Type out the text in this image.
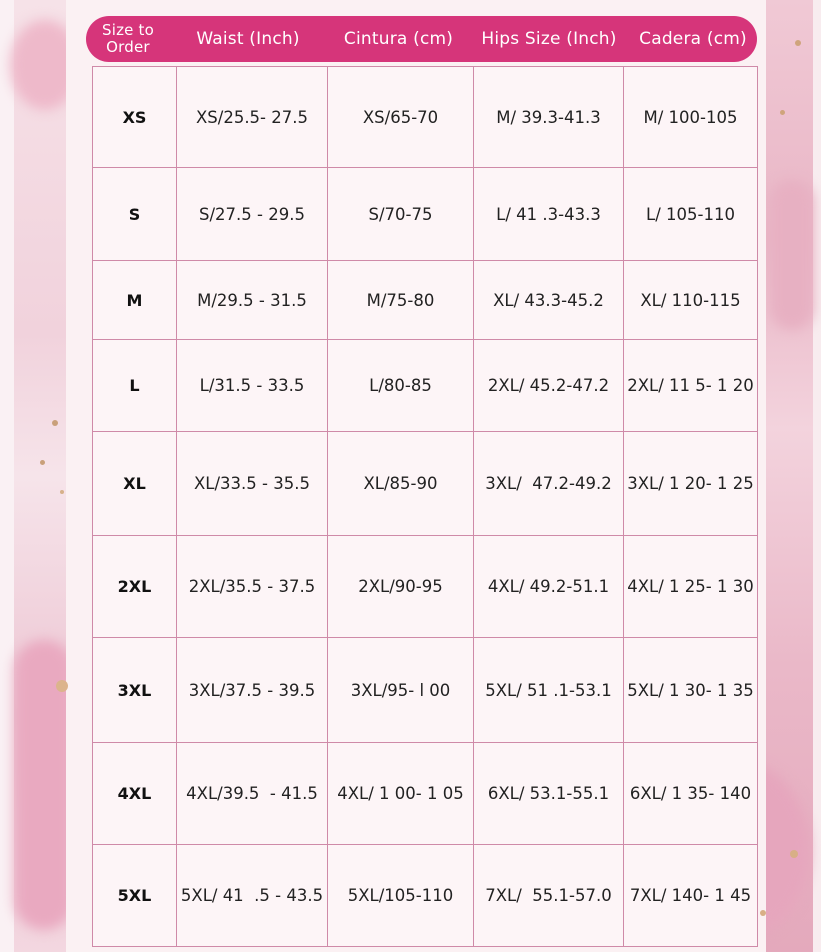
Size to Order	Waist (Inch)	Cintura (cm)	Hips Size (Inch)	Cadera (cm)
XS	XS/25.5- 27.5	XS/65-70	M/ 39.3-41.3	M/ 100-105
S	S/27.5 - 29.5	S/70-75	L/ 41 .3-43.3	L/ 105-110
M	M/29.5 - 31.5	M/75-80	XL/ 43.3-45.2	XL/ 110-115
L	L/31.5 - 33.5	L/80-85	2XL/ 45.2-47.2	2XL/ 11 5- 1 20
XL	XL/33.5 - 35.5	XL/85-90	3XL/  47.2-49.2	3XL/ 1 20- 1 25
2XL	2XL/35.5 - 37.5	2XL/90-95	4XL/ 49.2-51.1	4XL/ 1 25- 1 30
3XL	3XL/37.5 - 39.5	3XL/95- l 00	5XL/ 51 .1-53.1	5XL/ 1 30- 1 35
4XL	4XL/39.5  - 41.5	4XL/ 1 00- 1 05	6XL/ 53.1-55.1	6XL/ 1 35- 140
5XL	5XL/ 41  .5 - 43.5	5XL/105-110	7XL/  55.1-57.0	7XL/ 140- 1 45
